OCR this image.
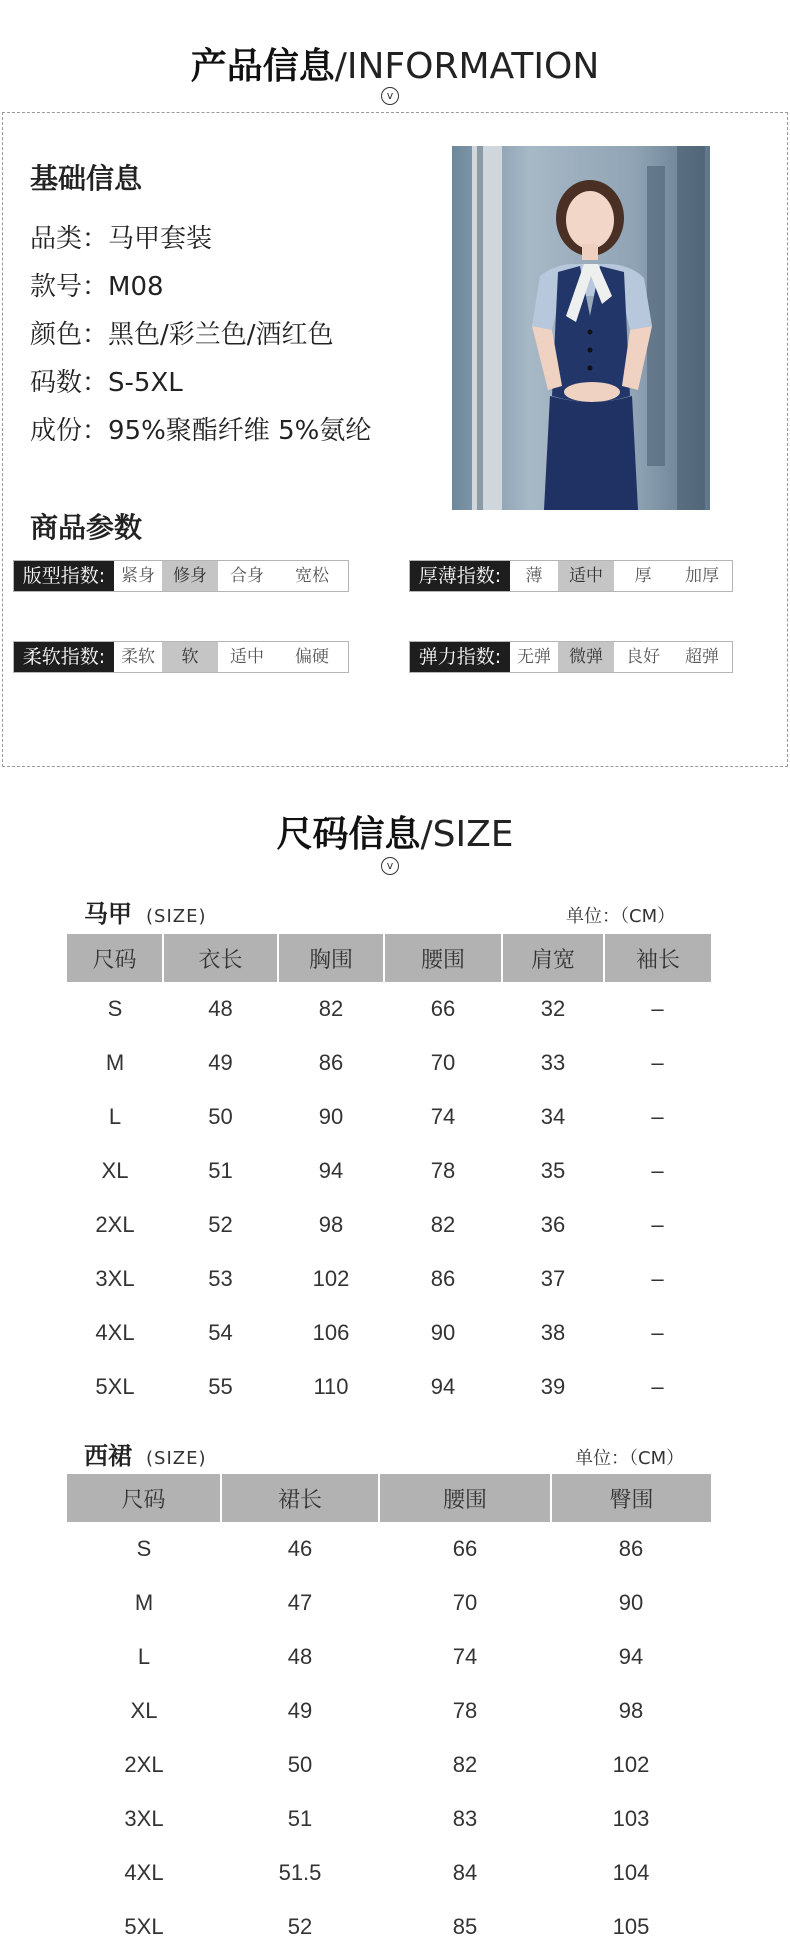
产品信息/INFORMATION
v
基础信息
品类：马甲套装
款号：M08
颜色：黑色/彩兰色/酒红色
码数：S-5XL
成份：95%聚酯纤维 5%氨纶
商品参数
版型指数: 紧身	修身	合身	宽松	厚薄指数:	薄	适中	厚	加厚
柔软指数: 柔软	软	适中	偏硬	弹力指数: 无弹	微弹	良好	超弹
尺码信息/SIZE
v
马甲 (SIZE)	单位：（CM）
尺码	衣长	胸围	腰围	肩宽	袖长
S	48	82	66	32	–
M	49	86	70	33	–
L	50	90	74	34	–
XL	51	94	78	35	–
2XL	52	98	82	36	–
3XL	53	102	86	37	–
4XL	54	106	90	38	–
5XL	55	110	94	39	–
西裙 (SIZE)	单位：（CM）
尺码	裙长	腰围	臀围
S	46	66	86
M	47	70	90
L	48	74	94
XL	49	78	98
2XL	50	82	102
3XL	51	83	103
4XL	51.5	84	104
5XL	52	85	105
